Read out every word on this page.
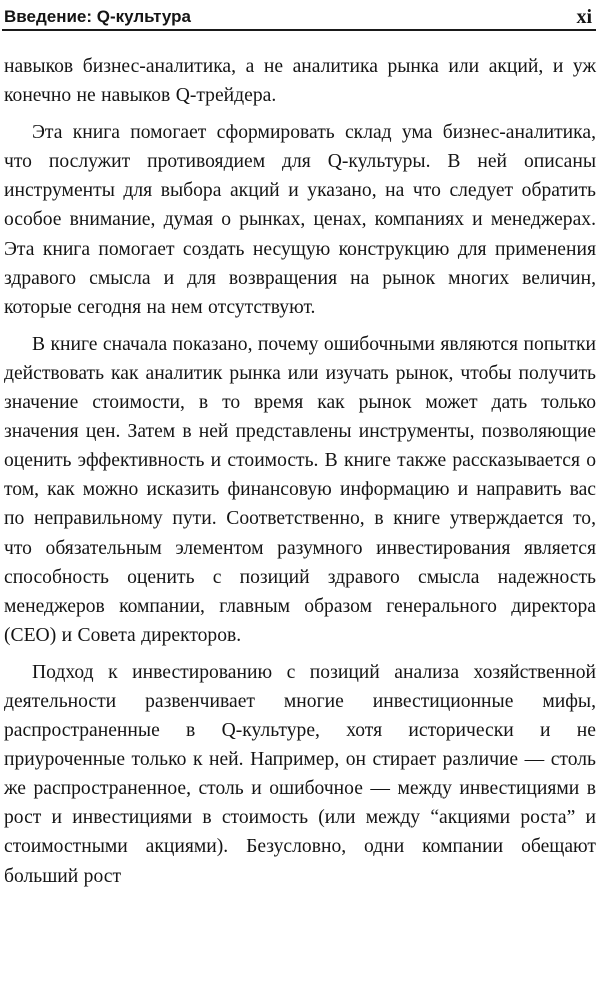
Введение: Q-культура	xi

навыков бизнес-аналитика, а не аналитика рынка или акций, и уж конечно не навыков Q-трейдера.

Эта книга помогает сформировать склад ума бизнес-аналитика, что послужит противоядием для Q-культуры. В ней описаны инструменты для выбора акций и указано, на что следует обратить особое внимание, думая о рынках, ценах, компаниях и менеджерах. Эта книга помогает создать несущую конструкцию для применения здравого смысла и для возвращения на рынок многих величин, которые сегодня на нем отсутствуют.

В книге сначала показано, почему ошибочными являются попытки действовать как аналитик рынка или изучать рынок, чтобы получить значение стоимости, в то время как рынок может дать только значения цен. Затем в ней представлены инструменты, позволяющие оценить эффективность и стоимость. В книге также рассказывается о том, как можно исказить финансовую информацию и направить вас по неправильному пути. Соответственно, в книге утверждается то, что обязательным элементом разумного инвестирования является способность оценить с позиций здравого смысла надежность менеджеров компании, главным образом генерального директора (CEO) и Совета директоров.

Подход к инвестированию с позиций анализа хозяйственной деятельности развенчивает многие инвестиционные мифы, распространенные в Q-культуре, хотя исторически и не приуроченные только к ней. Например, он стирает различие — столь же распространенное, столь и ошибочное — между инвестициями в рост и инвестициями в стоимость (или между “акциями роста” и стоимостными акциями). Безусловно, одни компании обещают больший рост
